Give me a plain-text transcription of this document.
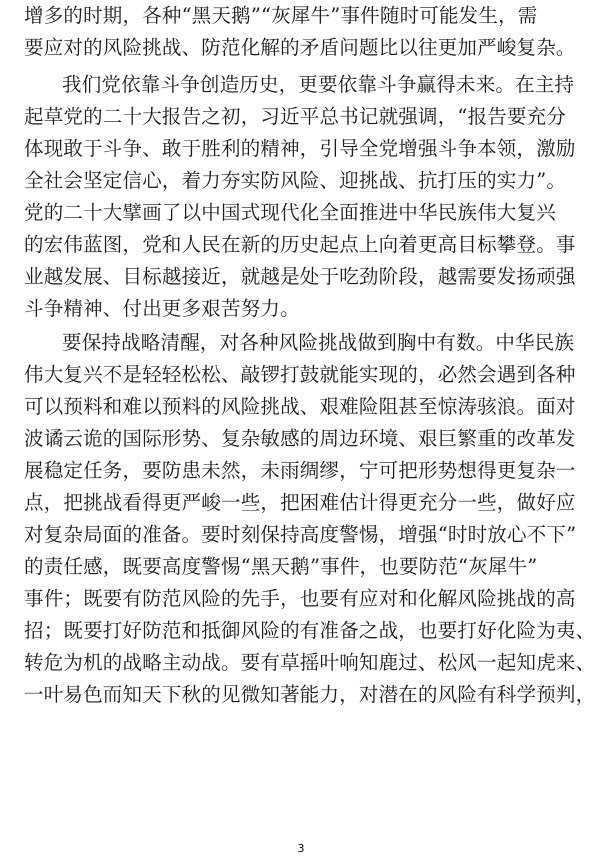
增多的时期，各种“黑天鹅”“灰犀牛”事件随时可能发生，需
要应对的风险挑战、防范化解的矛盾问题比以往更加严峻复杂。
我们党依靠斗争创造历史，更要依靠斗争赢得未来。在主持
起草党的二十大报告之初，习近平总书记就强调，“报告要充分
体现敢于斗争、敢于胜利的精神，引导全党增强斗争本领，激励
全社会坚定信心，着力夯实防风险、迎挑战、抗打压的实力”。
党的二十大擘画了以中国式现代化全面推进中华民族伟大复兴
的宏伟蓝图，党和人民在新的历史起点上向着更高目标攀登。事
业越发展、目标越接近，就越是处于吃劲阶段，越需要发扬顽强
斗争精神、付出更多艰苦努力。
要保持战略清醒，对各种风险挑战做到胸中有数。中华民族
伟大复兴不是轻轻松松、敲锣打鼓就能实现的，必然会遇到各种
可以预料和难以预料的风险挑战、艰难险阻甚至惊涛骇浪。面对
波谲云诡的国际形势、复杂敏感的周边环境、艰巨繁重的改革发
展稳定任务，要防患未然，未雨绸缪，宁可把形势想得更复杂一
点，把挑战看得更严峻一些，把困难估计得更充分一些，做好应
对复杂局面的准备。要时刻保持高度警惕，增强“时时放心不下”
的责任感，既要高度警惕“黑天鹅”事件，也要防范“灰犀牛”
事件；既要有防范风险的先手，也要有应对和化解风险挑战的高
招；既要打好防范和抵御风险的有准备之战，也要打好化险为夷、
转危为机的战略主动战。要有草摇叶响知鹿过、松风一起知虎来、
一叶易色而知天下秋的见微知著能力，对潜在的风险有科学预判，
3
